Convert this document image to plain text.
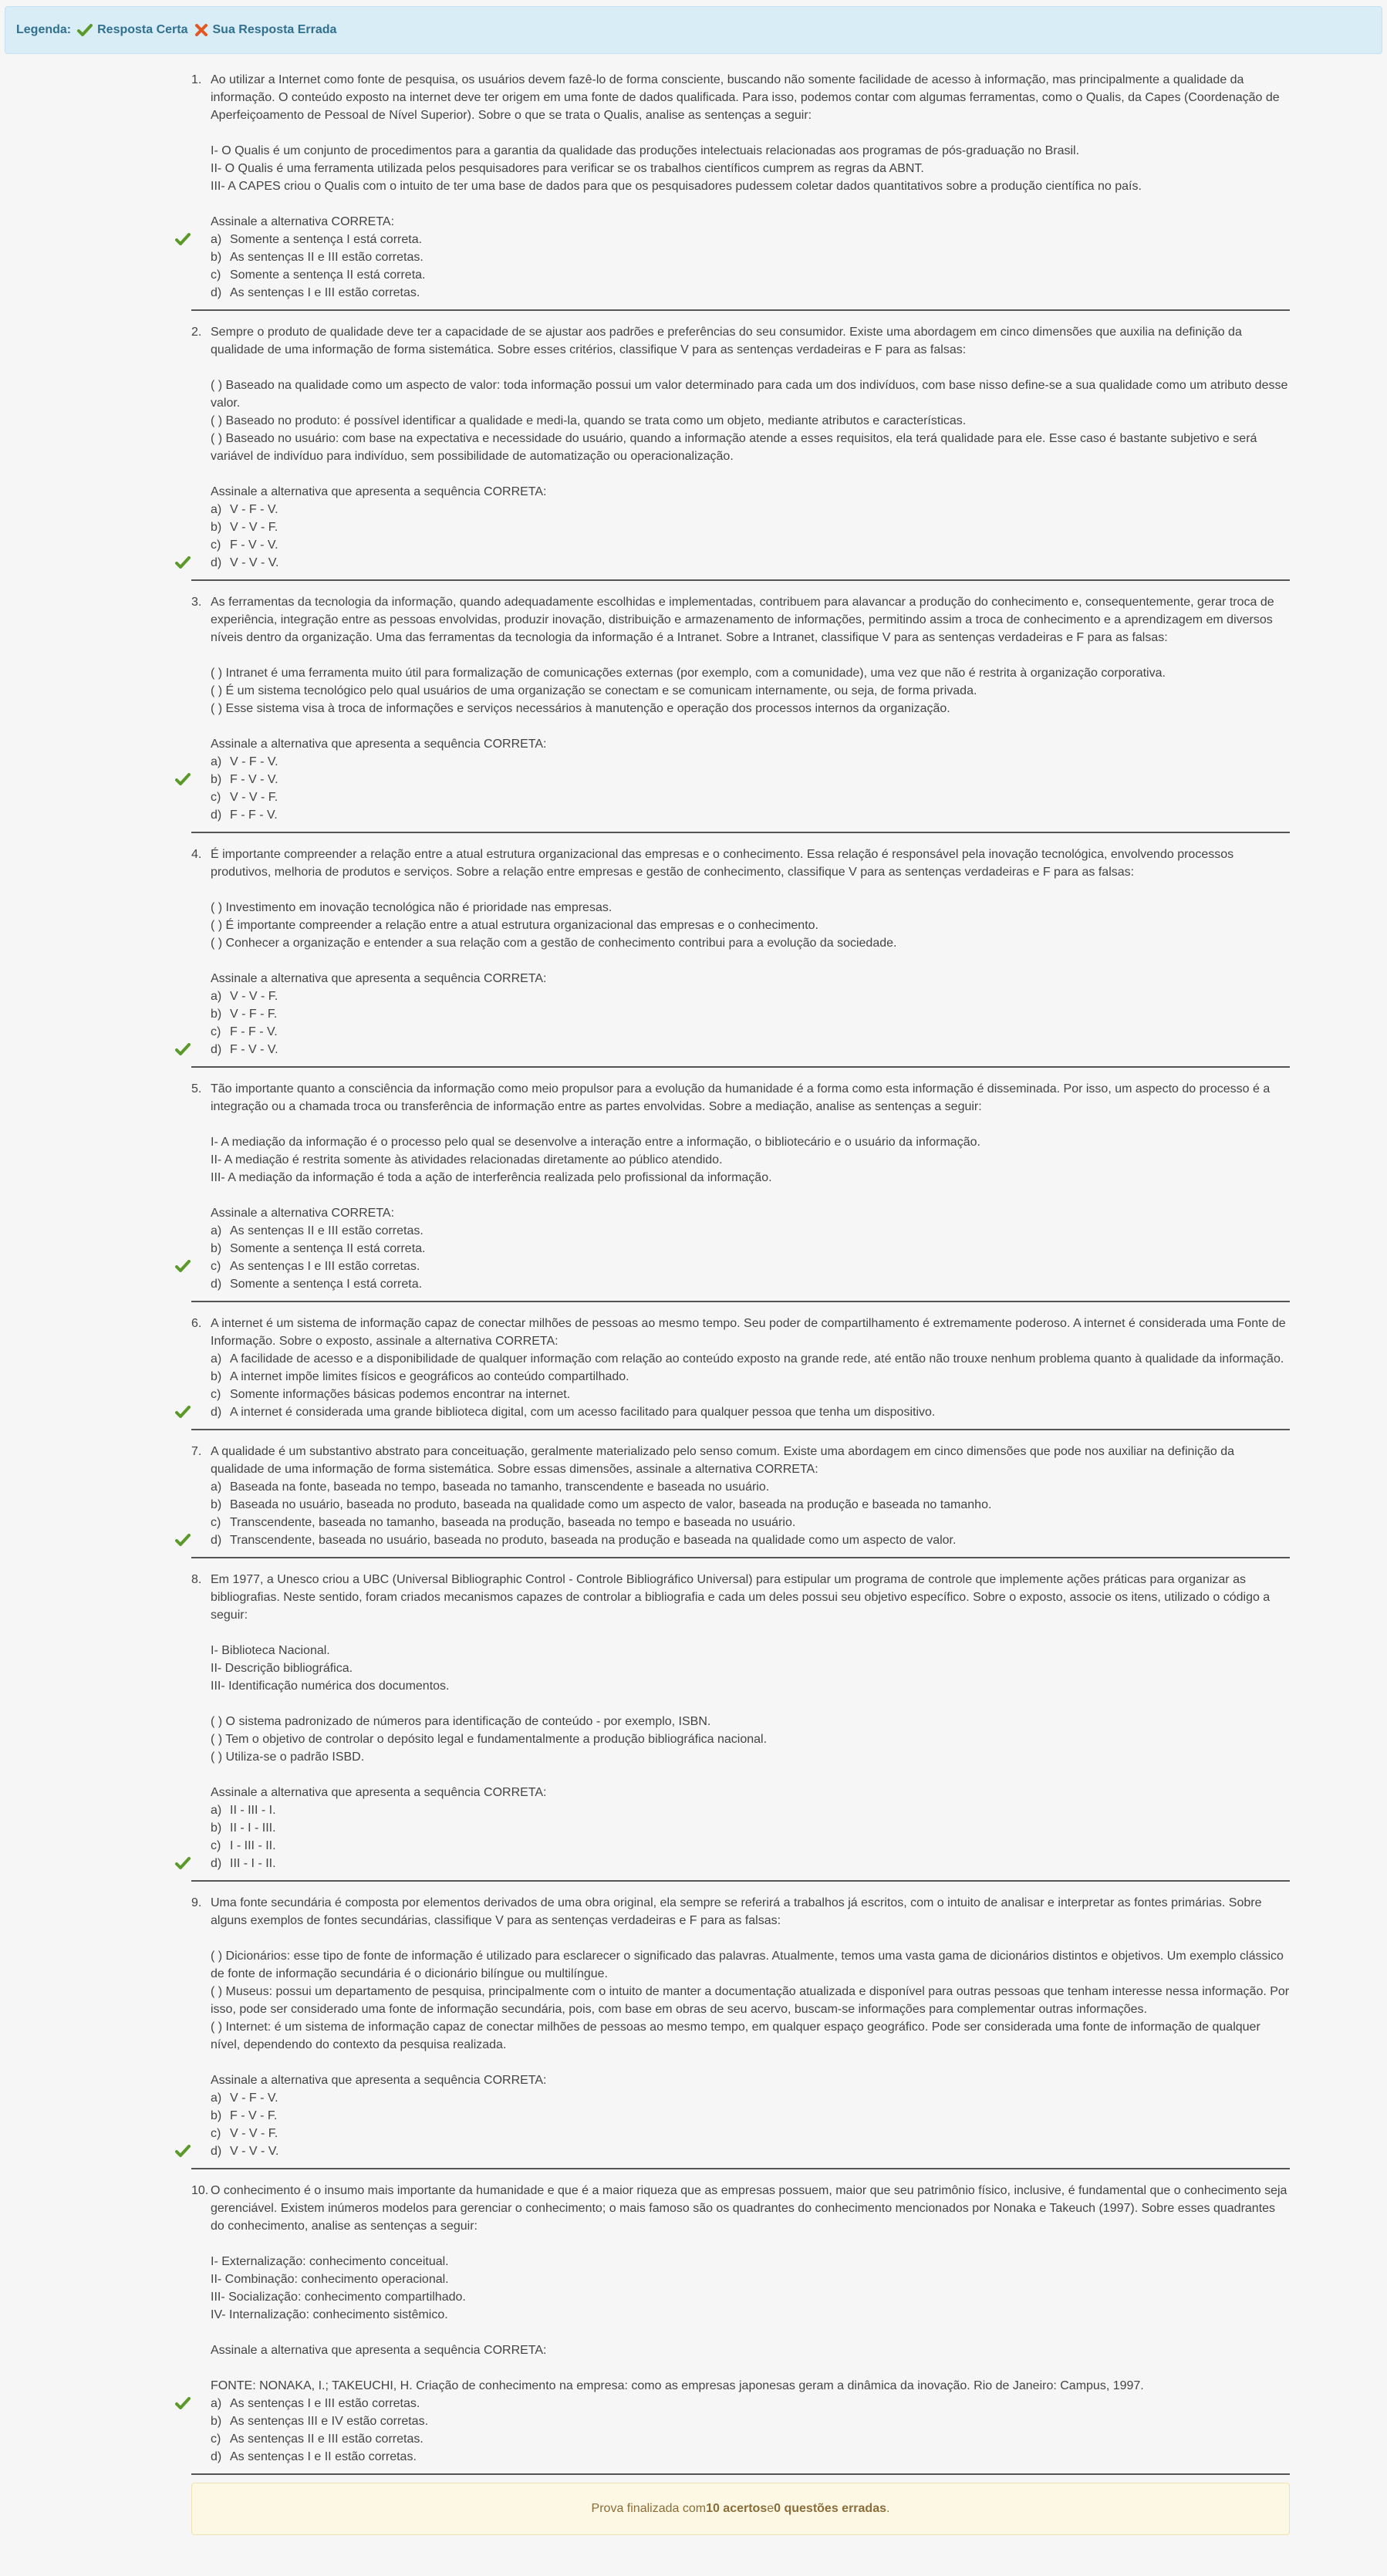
Legenda: Resposta Certa Sua Resposta Errada
1. Ao utilizar a Internet como fonte de pesquisa, os usuários devem fazê-lo de forma consciente, buscando não somente facilidade de acesso à informação, mas principalmente a qualidade da informação. O conteúdo exposto na internet deve ter origem em uma fonte de dados qualificada. Para isso, podemos contar com algumas ferramentas, como o Qualis, da Capes (Coordenação de Aperfeiçoamento de Pessoal de Nível Superior). Sobre o que se trata o Qualis, analise as sentenças a seguir:
I- O Qualis é um conjunto de procedimentos para a garantia da qualidade das produções intelectuais relacionadas aos programas de pós-graduação no Brasil.
II- O Qualis é uma ferramenta utilizada pelos pesquisadores para verificar se os trabalhos científicos cumprem as regras da ABNT.
III- A CAPES criou o Qualis com o intuito de ter uma base de dados para que os pesquisadores pudessem coletar dados quantitativos sobre a produção científica no país.
Assinale a alternativa CORRETA:
a) Somente a sentença I está correta.
b) As sentenças II e III estão corretas.
c) Somente a sentença II está correta.
d) As sentenças I e III estão corretas.
2. Sempre o produto de qualidade deve ter a capacidade de se ajustar aos padrões e preferências do seu consumidor. Existe uma abordagem em cinco dimensões que auxilia na definição da qualidade de uma informação de forma sistemática. Sobre esses critérios, classifique V para as sentenças verdadeiras e F para as falsas:
( ) Baseado na qualidade como um aspecto de valor: toda informação possui um valor determinado para cada um dos indivíduos, com base nisso define-se a sua qualidade como um atributo desse valor.
( ) Baseado no produto: é possível identificar a qualidade e medi-la, quando se trata como um objeto, mediante atributos e características.
( ) Baseado no usuário: com base na expectativa e necessidade do usuário, quando a informação atende a esses requisitos, ela terá qualidade para ele. Esse caso é bastante subjetivo e será variável de indivíduo para indivíduo, sem possibilidade de automatização ou operacionalização.
Assinale a alternativa que apresenta a sequência CORRETA:
a) V - F - V.
b) V - V - F.
c) F - V - V.
d) V - V - V.
3. As ferramentas da tecnologia da informação, quando adequadamente escolhidas e implementadas, contribuem para alavancar a produção do conhecimento e, consequentemente, gerar troca de experiência, integração entre as pessoas envolvidas, produzir inovação, distribuição e armazenamento de informações, permitindo assim a troca de conhecimento e a aprendizagem em diversos níveis dentro da organização. Uma das ferramentas da tecnologia da informação é a Intranet. Sobre a Intranet, classifique V para as sentenças verdadeiras e F para as falsas:
( ) Intranet é uma ferramenta muito útil para formalização de comunicações externas (por exemplo, com a comunidade), uma vez que não é restrita à organização corporativa.
( ) É um sistema tecnológico pelo qual usuários de uma organização se conectam e se comunicam internamente, ou seja, de forma privada.
( ) Esse sistema visa à troca de informações e serviços necessários à manutenção e operação dos processos internos da organização.
Assinale a alternativa que apresenta a sequência CORRETA:
a) V - F - V.
b) F - V - V.
c) V - V - F.
d) F - F - V.
4. É importante compreender a relação entre a atual estrutura organizacional das empresas e o conhecimento. Essa relação é responsável pela inovação tecnológica, envolvendo processos produtivos, melhoria de produtos e serviços. Sobre a relação entre empresas e gestão de conhecimento, classifique V para as sentenças verdadeiras e F para as falsas:
( ) Investimento em inovação tecnológica não é prioridade nas empresas.
( ) É importante compreender a relação entre a atual estrutura organizacional das empresas e o conhecimento.
( ) Conhecer a organização e entender a sua relação com a gestão de conhecimento contribui para a evolução da sociedade.
Assinale a alternativa que apresenta a sequência CORRETA:
a) V - V - F.
b) V - F - F.
c) F - F - V.
d) F - V - V.
5. Tão importante quanto a consciência da informação como meio propulsor para a evolução da humanidade é a forma como esta informação é disseminada. Por isso, um aspecto do processo é a integração ou a chamada troca ou transferência de informação entre as partes envolvidas. Sobre a mediação, analise as sentenças a seguir:
I- A mediação da informação é o processo pelo qual se desenvolve a interação entre a informação, o bibliotecário e o usuário da informação.
II- A mediação é restrita somente às atividades relacionadas diretamente ao público atendido.
III- A mediação da informação é toda a ação de interferência realizada pelo profissional da informação.
Assinale a alternativa CORRETA:
a) As sentenças II e III estão corretas.
b) Somente a sentença II está correta.
c) As sentenças I e III estão corretas.
d) Somente a sentença I está correta.
6. A internet é um sistema de informação capaz de conectar milhões de pessoas ao mesmo tempo. Seu poder de compartilhamento é extremamente poderoso. A internet é considerada uma Fonte de Informação. Sobre o exposto, assinale a alternativa CORRETA:
a) A facilidade de acesso e a disponibilidade de qualquer informação com relação ao conteúdo exposto na grande rede, até então não trouxe nenhum problema quanto à qualidade da informação.
b) A internet impõe limites físicos e geográficos ao conteúdo compartilhado.
c) Somente informações básicas podemos encontrar na internet.
d) A internet é considerada uma grande biblioteca digital, com um acesso facilitado para qualquer pessoa que tenha um dispositivo.
7. A qualidade é um substantivo abstrato para conceituação, geralmente materializado pelo senso comum. Existe uma abordagem em cinco dimensões que pode nos auxiliar na definição da qualidade de uma informação de forma sistemática. Sobre essas dimensões, assinale a alternativa CORRETA:
a) Baseada na fonte, baseada no tempo, baseada no tamanho, transcendente e baseada no usuário.
b) Baseada no usuário, baseada no produto, baseada na qualidade como um aspecto de valor, baseada na produção e baseada no tamanho.
c) Transcendente, baseada no tamanho, baseada na produção, baseada no tempo e baseada no usuário.
d) Transcendente, baseada no usuário, baseada no produto, baseada na produção e baseada na qualidade como um aspecto de valor.
8. Em 1977, a Unesco criou a UBC (Universal Bibliographic Control - Controle Bibliográfico Universal) para estipular um programa de controle que implemente ações práticas para organizar as bibliografias. Neste sentido, foram criados mecanismos capazes de controlar a bibliografia e cada um deles possui seu objetivo específico. Sobre o exposto, associe os itens, utilizado o código a seguir:
I- Biblioteca Nacional.
II- Descrição bibliográfica.
III- Identificação numérica dos documentos.
( ) O sistema padronizado de números para identificação de conteúdo - por exemplo, ISBN.
( ) Tem o objetivo de controlar o depósito legal e fundamentalmente a produção bibliográfica nacional.
( ) Utiliza-se o padrão ISBD.
Assinale a alternativa que apresenta a sequência CORRETA:
a) II - III - I.
b) II - I - III.
c) I - III - II.
d) III - I - II.
9. Uma fonte secundária é composta por elementos derivados de uma obra original, ela sempre se referirá a trabalhos já escritos, com o intuito de analisar e interpretar as fontes primárias. Sobre alguns exemplos de fontes secundárias, classifique V para as sentenças verdadeiras e F para as falsas:
( ) Dicionários: esse tipo de fonte de informação é utilizado para esclarecer o significado das palavras. Atualmente, temos uma vasta gama de dicionários distintos e objetivos. Um exemplo clássico de fonte de informação secundária é o dicionário bilíngue ou multilíngue.
( ) Museus: possui um departamento de pesquisa, principalmente com o intuito de manter a documentação atualizada e disponível para outras pessoas que tenham interesse nessa informação. Por isso, pode ser considerado uma fonte de informação secundária, pois, com base em obras de seu acervo, buscam-se informações para complementar outras informações.
( ) Internet: é um sistema de informação capaz de conectar milhões de pessoas ao mesmo tempo, em qualquer espaço geográfico. Pode ser considerada uma fonte de informação de qualquer nível, dependendo do contexto da pesquisa realizada.
Assinale a alternativa que apresenta a sequência CORRETA:
a) V - F - V.
b) F - V - F.
c) V - V - F.
d) V - V - V.
10. O conhecimento é o insumo mais importante da humanidade e que é a maior riqueza que as empresas possuem, maior que seu patrimônio físico, inclusive, é fundamental que o conhecimento seja gerenciável. Existem inúmeros modelos para gerenciar o conhecimento; o mais famoso são os quadrantes do conhecimento mencionados por Nonaka e Takeuch (1997). Sobre esses quadrantes do conhecimento, analise as sentenças a seguir:
I- Externalização: conhecimento conceitual.
II- Combinação: conhecimento operacional.
III- Socialização: conhecimento compartilhado.
IV- Internalização: conhecimento sistêmico.
Assinale a alternativa que apresenta a sequência CORRETA:
FONTE: NONAKA, I.; TAKEUCHI, H. Criação de conhecimento na empresa: como as empresas japonesas geram a dinâmica da inovação. Rio de Janeiro: Campus, 1997.
a) As sentenças I e III estão corretas.
b) As sentenças III e IV estão corretas.
c) As sentenças II e III estão corretas.
d) As sentenças I e II estão corretas.
Prova finalizada com 10 acertos e 0 questões erradas .
